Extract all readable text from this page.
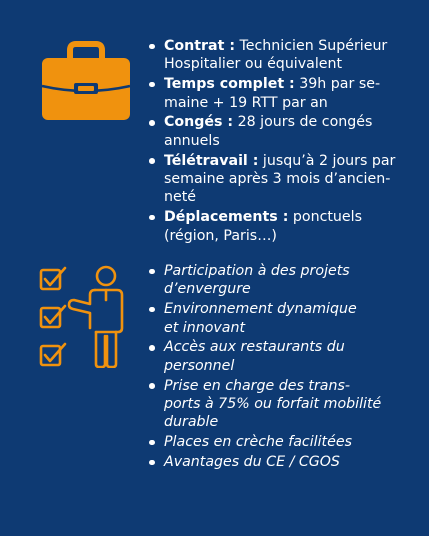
Contrat : Technicien Supérieur
Hospitalier ou équivalent
Temps complet : 39h par se-
maine + 19 RTT par an
Congés : 28 jours de congés
annuels
Télétravail : jusqu’à 2 jours par
semaine après 3 mois d’ancien-
neté
Déplacements : ponctuels
(région, Paris…)
Participation à des projets
d’envergure
Environnement dynamique
et innovant
Accès aux restaurants du
personnel
Prise en charge des trans-
ports à 75% ou forfait mobilité
durable
Places en crèche facilitées
Avantages du CE / CGOS
